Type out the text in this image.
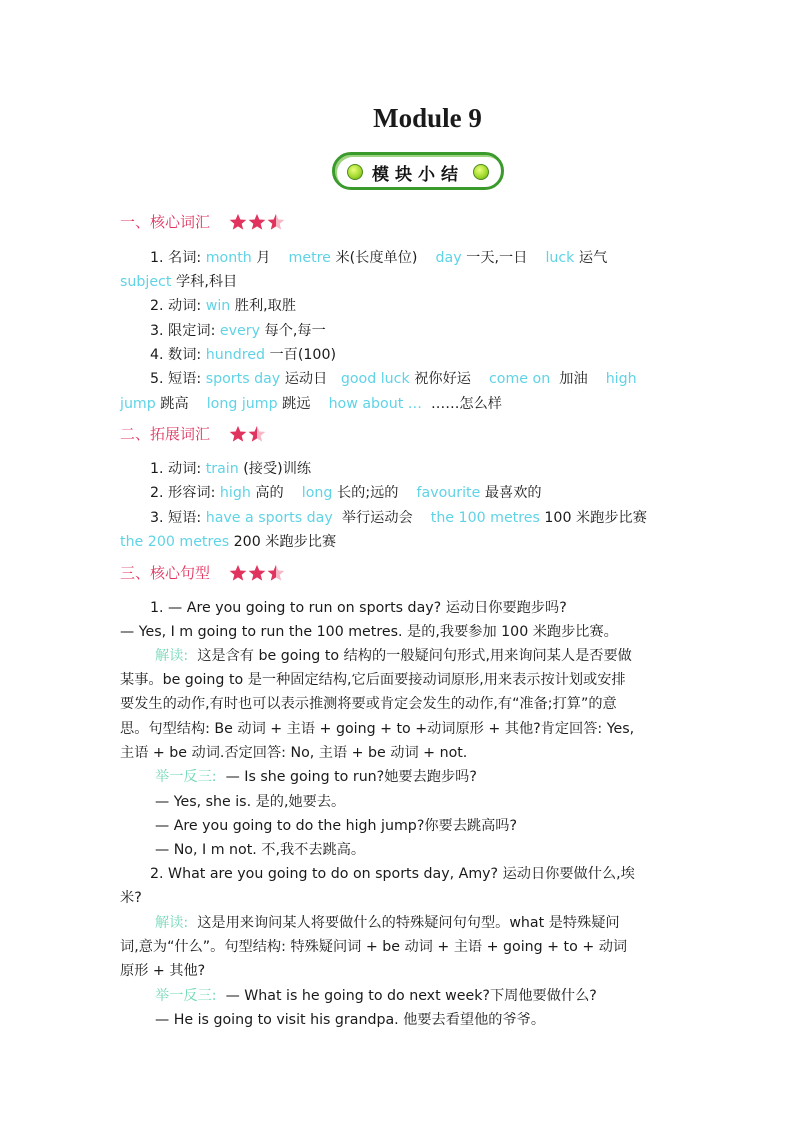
Module 9
模块小结
一、核心词汇
1. 名词: month 月 metre 米(长度单位) day 一天,一日 luck 运气
subject 学科,科目
2. 动词: win 胜利,取胜
3. 限定词: every 每个,每一
4. 数词: hundred 一百(100)
5. 短语: sports day 运动日 good luck 祝你好运 come on 加油 high
jump 跳高 long jump 跳远 how about … ……怎么样
二、拓展词汇
1. 动词: train (接受)训练
2. 形容词: high 高的 long 长的;远的 favourite 最喜欢的
3. 短语: have a sports day 举行运动会 the 100 metres 100 米跑步比赛
the 200 metres 200 米跑步比赛
三、核心句型
1. — Are you going to run on sports day? 运动日你要跑步吗?
— Yes, I m going to run the 100 metres. 是的,我要参加 100 米跑步比赛。
解读: 这是含有 be going to 结构的一般疑问句形式,用来询问某人是否要做
某事。be going to 是一种固定结构,它后面要接动词原形,用来表示按计划或安排
要发生的动作,有时也可以表示推测将要或肯定会发生的动作,有“准备;打算”的意
思。句型结构: Be 动词 + 主语 + going + to +动词原形 + 其他?肯定回答: Yes,
主语 + be 动词.否定回答: No, 主语 + be 动词 + not.
举一反三: — Is she going to run?她要去跑步吗?
— Yes, she is. 是的,她要去。
— Are you going to do the high jump?你要去跳高吗?
— No, I m not. 不,我不去跳高。
2. What are you going to do on sports day, Amy? 运动日你要做什么,埃
米?
解读: 这是用来询问某人将要做什么的特殊疑问句句型。what 是特殊疑问
词,意为“什么”。句型结构: 特殊疑问词 + be 动词 + 主语 + going + to + 动词
原形 + 其他?
举一反三: — What is he going to do next week?下周他要做什么?
— He is going to visit his grandpa. 他要去看望他的爷爷。
